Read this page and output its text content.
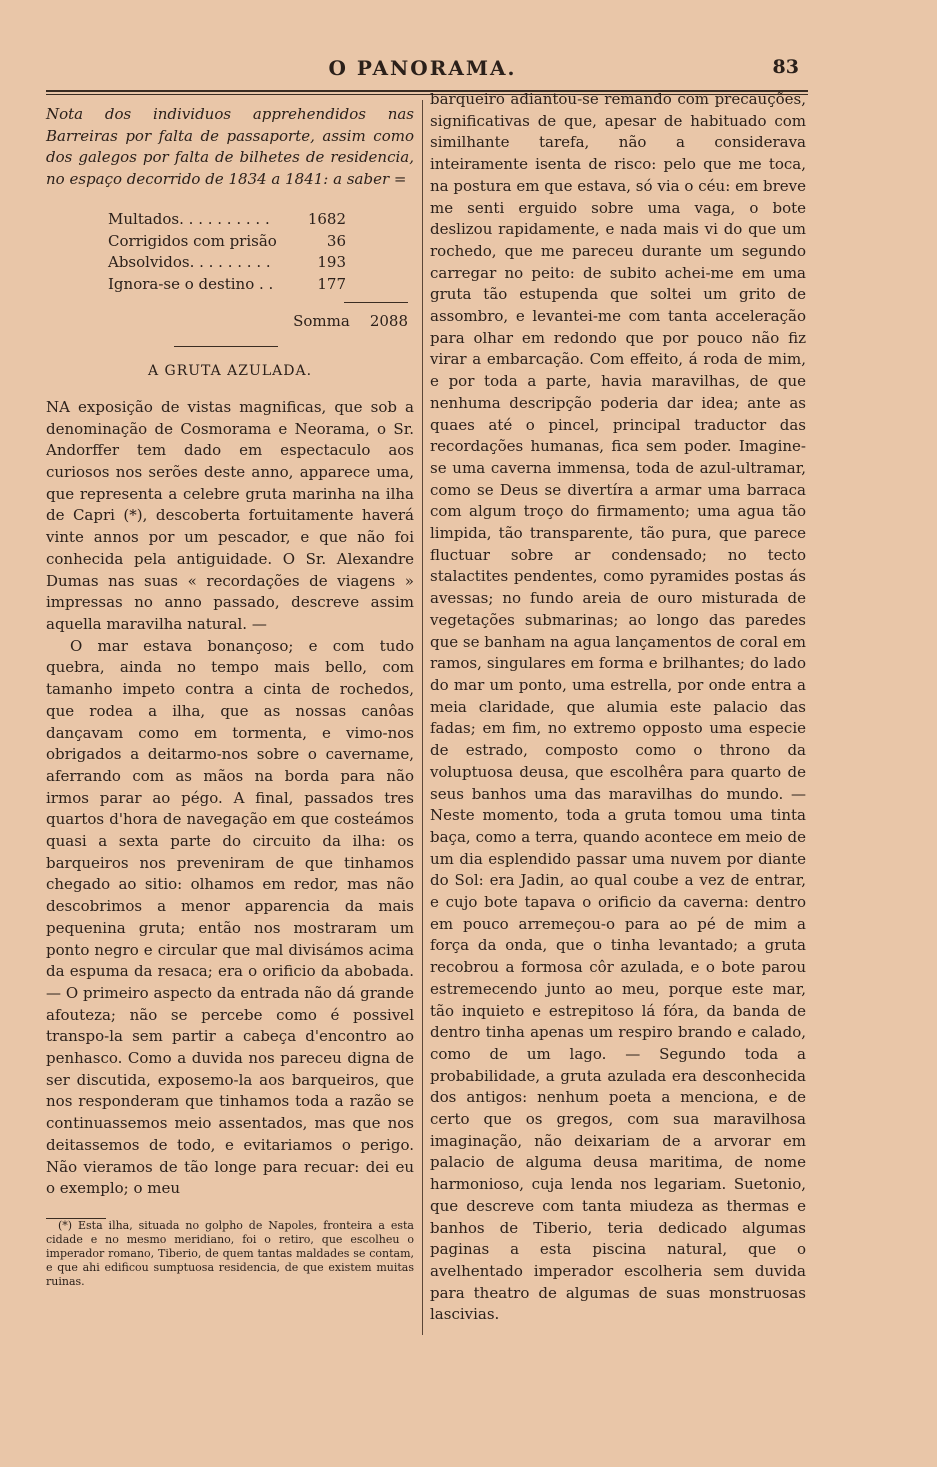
O PANORAMA.	83

Nota dos individuos apprehendidos nas Barreiras por falta de passaporte, assim como dos galegos por falta de bilhetes de residencia, no espaço decorrido de 1834 a 1841: a saber =

Multados. . . . . . . . . .	1682
Corrigidos com prisão	36
Absolvidos. . . . . . . . .	193
Ignora-se o destino . .	177
Somma 2088
A GRUTA AZULADA.

NA exposição de vistas magnificas, que sob a denominação de Cosmorama e Neorama, o Sr. Andorffer tem dado em espectaculo aos curiosos nos serões deste anno, apparece uma, que representa a celebre gruta marinha na ilha de Capri (*), descoberta fortuitamente haverá vinte annos por um pescador, e que não foi conhecida pela antiguidade. O Sr. Alexandre Dumas nas suas « recordações de viagens » impressas no anno passado, descreve assim aquella maravilha natural. —

O mar estava bonançoso; e com tudo quebra, ainda no tempo mais bello, com tamanho impeto contra a cinta de rochedos, que rodea a ilha, que as nossas canôas dançavam como em tormenta, e vimo-nos obrigados a deitarmo-nos sobre o cavername, aferrando com as mãos na borda para não irmos parar ao pégo. A final, passados tres quartos d'hora de navegação em que costeámos quasi a sexta parte do circuito da ilha: os barqueiros nos preveniram de que tinhamos chegado ao sitio: olhamos em redor, mas não descobrimos a menor apparencia da mais pequenina gruta; então nos mostraram um ponto negro e circular que mal divisámos acima da espuma da resaca; era o orificio da abobada. — O primeiro aspecto da entrada não dá grande afouteza; não se percebe como é possivel transpo-la sem partir a cabeça d'encontro ao penhasco. Como a duvida nos pareceu digna de ser discutida, exposemo-la aos barqueiros, que nos responderam que tinhamos toda a razão se continuassemos meio assentados, mas que nos deitassemos de todo, e evitariamos o perigo. Não vieramos de tão longe para recuar: dei eu o exemplo; o meu

(*) Esta ilha, situada no golpho de Napoles, fronteira a esta cidade e no mesmo meridiano, foi o retiro, que escolheu o imperador romano, Tiberio, de quem tantas maldades se contam, e que ahi edificou sumptuosa residencia, de que existem muitas ruinas.

barqueiro adiantou-se remando com precauções, significativas de que, apesar de habituado com similhante tarefa, não a considerava inteiramente isenta de risco: pelo que me toca, na postura em que estava, só via o céu: em breve me senti erguido sobre uma vaga, o bote deslizou rapidamente, e nada mais vi do que um rochedo, que me pareceu durante um segundo carregar no peito: de subito achei-me em uma gruta tão estupenda que soltei um grito de assombro, e levantei-me com tanta acceleração para olhar em redondo que por pouco não fiz virar a embarcação. Com effeito, á roda de mim, e por toda a parte, havia maravilhas, de que nenhuma descripção poderia dar idea; ante as quaes até o pincel, principal traductor das recordações humanas, fica sem poder. Imagine-se uma caverna immensa, toda de azul-ultramar, como se Deus se divertíra a armar uma barraca com algum troço do firmamento; uma agua tão limpida, tão transparente, tão pura, que parece fluctuar sobre ar condensado; no tecto stalactites pendentes, como pyramides postas ás avessas; no fundo areia de ouro misturada de vegetações submarinas; ao longo das paredes que se banham na agua lançamentos de coral em ramos, singulares em forma e brilhantes; do lado do mar um ponto, uma estrella, por onde entra a meia claridade, que alumia este palacio das fadas; em fim, no extremo opposto uma especie de estrado, composto como o throno da voluptuosa deusa, que escolhêra para quarto de seus banhos uma das maravilhas do mundo. — Neste momento, toda a gruta tomou uma tinta baça, como a terra, quando acontece em meio de um dia esplendido passar uma nuvem por diante do Sol: era Jadin, ao qual coube a vez de entrar, e cujo bote tapava o orificio da caverna: dentro em pouco arremeçou-o para ao pé de mim a força da onda, que o tinha levantado; a gruta recobrou a formosa côr azulada, e o bote parou estremecendo junto ao meu, porque este mar, tão inquieto e estrepitoso lá fóra, da banda de dentro tinha apenas um respiro brando e calado, como de um lago. — Segundo toda a probabilidade, a gruta azulada era desconhecida dos antigos: nenhum poeta a menciona, e de certo que os gregos, com sua maravilhosa imaginação, não deixariam de a arvorar em palacio de alguma deusa maritima, de nome harmonioso, cuja lenda nos legariam. Suetonio, que descreve com tanta miudeza as thermas e banhos de Tiberio, teria dedicado algumas paginas a esta piscina natural, que o avelhentado imperador escolheria sem duvida para theatro de algumas de suas monstruosas lascivias.
